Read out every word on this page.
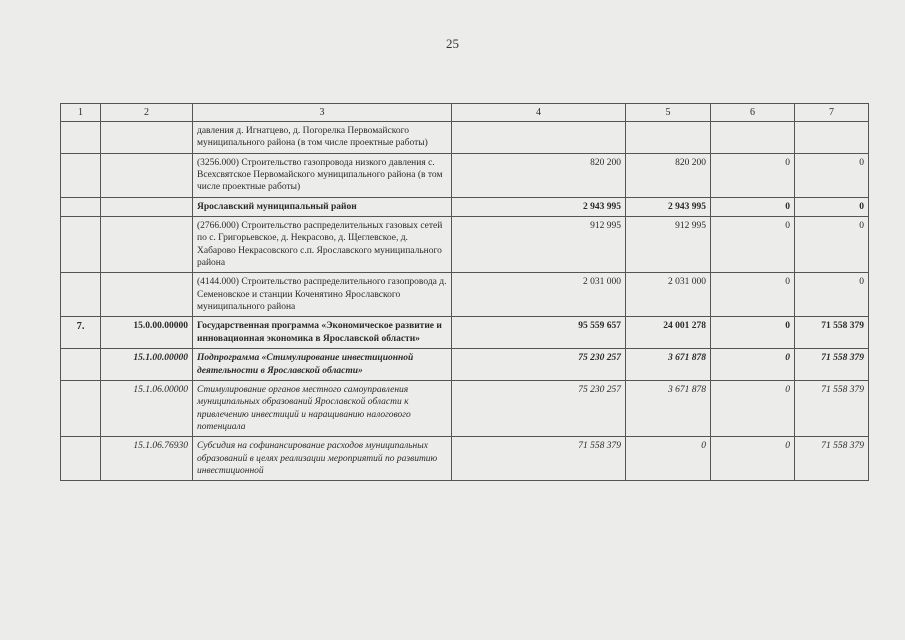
25
1	2	3	4	5	6	7
		давления д. Игнатцево, д. Погорелка Первомайского муниципального района (в том числе проектные работы)				
		(3256.000) Строительство газопровода низкого давления с. Всехсвятское Первомайского муниципального района (в том числе проектные работы)	820 200	820 200	0	0
		Ярославский муниципальный район	2 943 995	2 943 995	0	0
		(2766.000) Строительство распределительных газовых сетей по с. Григорьевское, д. Некрасово, д. Щеглевское, д. Хабарово Некрасовского с.п. Ярославского муниципального района	912 995	912 995	0	0
		(4144.000) Строительство распределительного газопровода д. Семеновское и станции Коченятино Ярославского муниципального района	2 031 000	2 031 000	0	0
7.	15.0.00.00000	Государственная программа «Экономическое развитие и инновационная экономика в Ярославской области»	95 559 657	24 001 278	0	71 558 379
	15.1.00.00000	Подпрограмма «Стимулирование инвестиционной деятельности в Ярославской области»	75 230 257	3 671 878	0	71 558 379
	15.1.06.00000	Стимулирование органов местного самоуправления муниципальных образований Ярославской области к привлечению инвестиций и наращиванию налогового потенциала	75 230 257	3 671 878	0	71 558 379
	15.1.06.76930	Субсидия на софинансирование расходов муниципальных образований в целях реализации мероприятий по развитию инвестиционной	71 558 379	0	0	71 558 379
